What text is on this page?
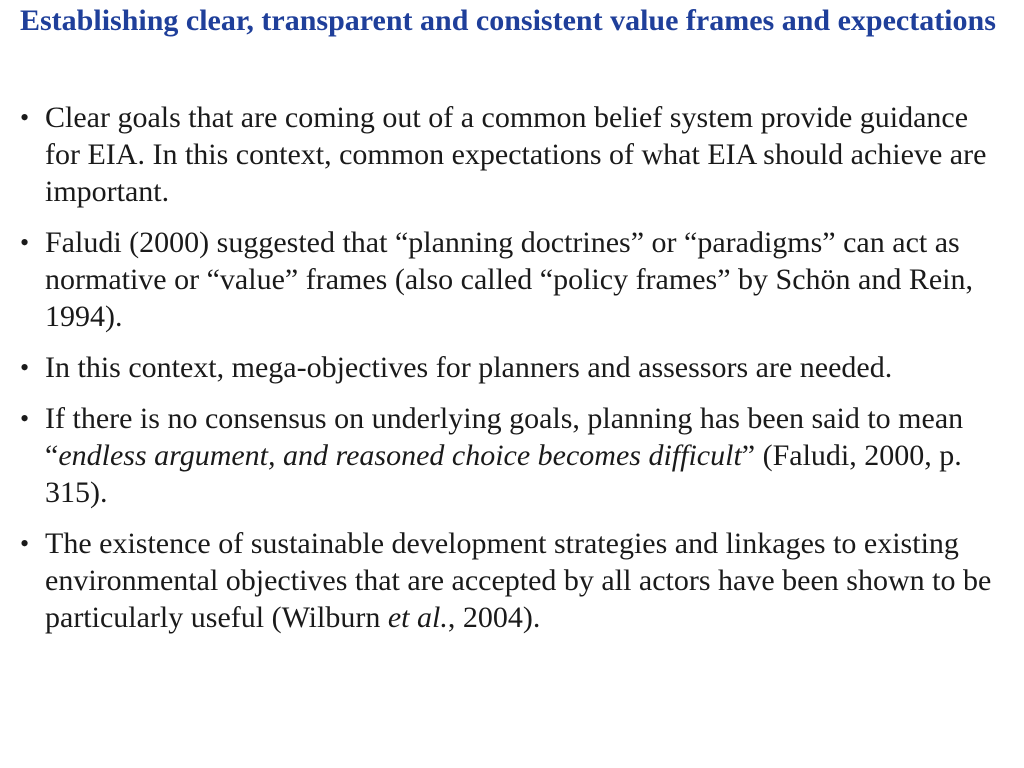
Establishing clear, transparent and consistent value frames and expectations
• Clear goals that are coming out of a common belief system provide guidance for EIA. In this context, common expectations of what EIA should achieve are important.
• Faludi (2000) suggested that “planning doctrines” or “paradigms” can act as normative or “value” frames (also called “policy frames” by Schön and Rein, 1994).
• In this context, mega-objectives for planners and assessors are needed.
• If there is no consensus on underlying goals, planning has been said to mean “endless argument, and reasoned choice becomes difficult” (Faludi, 2000, p. 315).
• The existence of sustainable development strategies and linkages to existing environmental objectives that are accepted by all actors have been shown to be particularly useful (Wilburn et al., 2004).
